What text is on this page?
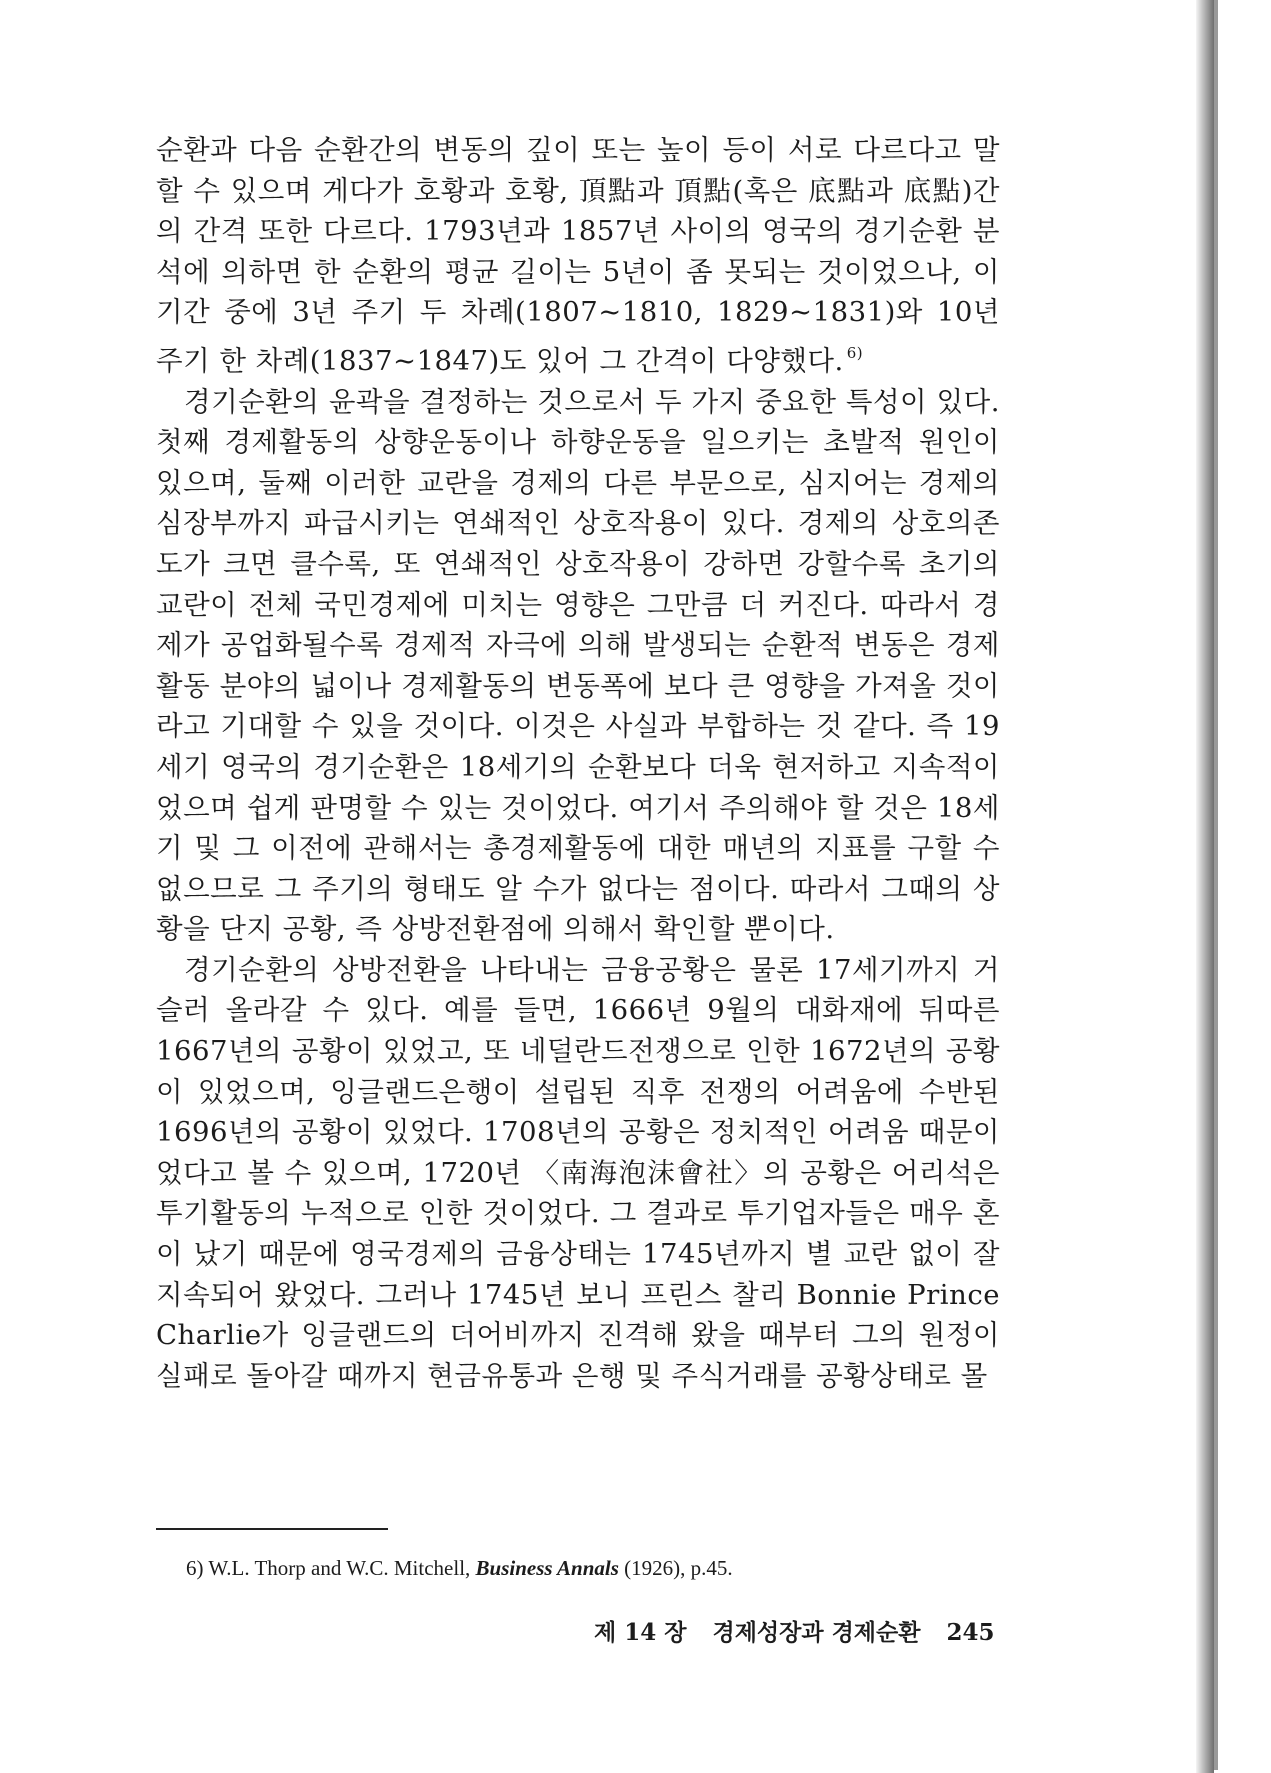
순환과 다음 순환간의 변동의 깊이 또는 높이 등이 서로 다르다고 말할 수 있으며 게다가 호황과 호황, 頂點과 頂點(혹은 底點과 底點)간의 간격 또한 다르다. 1793년과 1857년 사이의 영국의 경기순환 분석에 의하면 한 순환의 평균 길이는 5년이 좀 못되는 것이었으나, 이 기간 중에 3년 주기 두 차례(1807~1810, 1829~1831)와 10년 주기 한 차례(1837~1847)도 있어 그 간격이 다양했다. $^{6)}$

경기순환의 윤곽을 결정하는 것으로서 두 가지 중요한 특성이 있다. 첫째 경제활동의 상향운동이나 하향운동을 일으키는 초발적 원인이 있으며, 둘째 이러한 교란을 경제의 다른 부문으로, 심지어는 경제의 심장부까지 파급시키는 연쇄적인 상호작용이 있다. 경제의 상호의존도가 크면 클수록, 또 연쇄적인 상호작용이 강하면 강할수록 초기의 교란이 전체 국민경제에 미치는 영향은 그만큼 더 커진다. 따라서 경제가 공업화될수록 경제적 자극에 의해 발생되는 순환적 변동은 경제활동 분야의 넓이나 경제활동의 변동폭에 보다 큰 영향을 가져올 것이라고 기대할 수 있을 것이다. 이것은 사실과 부합하는 것 같다. 즉 19세기 영국의 경기순환은 18세기의 순환보다 더욱 현저하고 지속적이었으며 쉽게 판명할 수 있는 것이었다. 여기서 주의해야 할 것은 18세기 및 그 이전에 관해서는 총경제활동에 대한 매년의 지표를 구할 수 없으므로 그 주기의 형태도 알 수가 없다는 점이다. 따라서 그때의 상황을 단지 공황, 즉 상방전환점에 의해서 확인할 뿐이다.

경기순환의 상방전환을 나타내는 금융공황은 물론 17세기까지 거슬러 올라갈 수 있다. 예를 들면, 1666년 9월의 대화재에 뒤따른 1667년의 공황이 있었고, 또 네덜란드전쟁으로 인한 1672년의 공황이 있었으며, 잉글랜드은행이 설립된 직후 전쟁의 어려움에 수반된 1696년의 공황이 있었다. 1708년의 공황은 정치적인 어려움 때문이었다고 볼 수 있으며, 1720년 〈南海泡沫會社〉의 공황은 어리석은 투기활동의 누적으로 인한 것이었다. 그 결과로 투기업자들은 매우 혼이 났기 때문에 영국경제의 금융상태는 1745년까지 별 교란 없이 잘 지속되어 왔었다. 그러나 1745년 보니 프린스 찰리 Bonnie Prince Charlie가 잉글랜드의 더어비까지 진격해 왔을 때부터 그의 원정이 실패로 돌아갈 때까지 현금유통과 은행 및 주식거래를 공황상태로 몰

6) W.L. Thorp and W.C. Mitchell, Business Annals (1926), p.45.
제 14 장 경제성장과 경제순환 245
